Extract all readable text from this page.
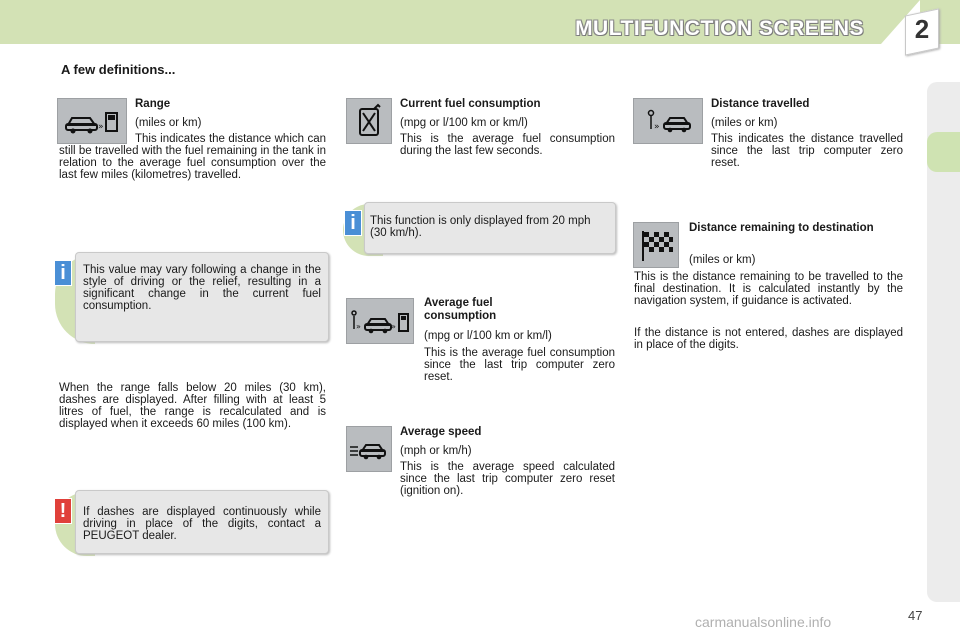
MULTIFUNCTION SCREENS 2
A few definitions...
»
Range
(miles or km)
This indicates the distance which can still be travelled with the fuel remaining in the tank in relation to the average fuel consumption over the last few miles (kilometres) travelled.
i	This value may vary following a change in the style of driving or the relief, resulting in a significant change in the current fuel consumption.
When the range falls below 20 miles (30 km), dashes are displayed. After filling with at least 5 litres of fuel, the range is recalculated and is displayed when it exceeds 60 miles (100 km).
!	If dashes are displayed continuously while driving in place of the digits, contact a PEUGEOT dealer.
Current fuel consumption
(mpg or l/100 km or km/l)
This is the average fuel consumption during the last few seconds.
i	This function is only displayed from 20 mph (30 km/h).
»	»
Average fuel consumption
(mpg or l/100 km or km/l)
This is the average fuel consumption since the last trip computer zero reset.
Average speed
(mph or km/h)
This is the average speed calculated since the last trip computer zero reset (ignition on).
»
Distance travelled
(miles or km)
This indicates the distance travelled since the last trip computer zero reset.
Distance remaining to destination
(miles or km)
This is the distance remaining to be travelled to the final destination. It is calculated instantly by the navigation system, if guidance is activated.
If the distance is not entered, dashes are displayed in place of the digits.
47
carmanualsonline.info
